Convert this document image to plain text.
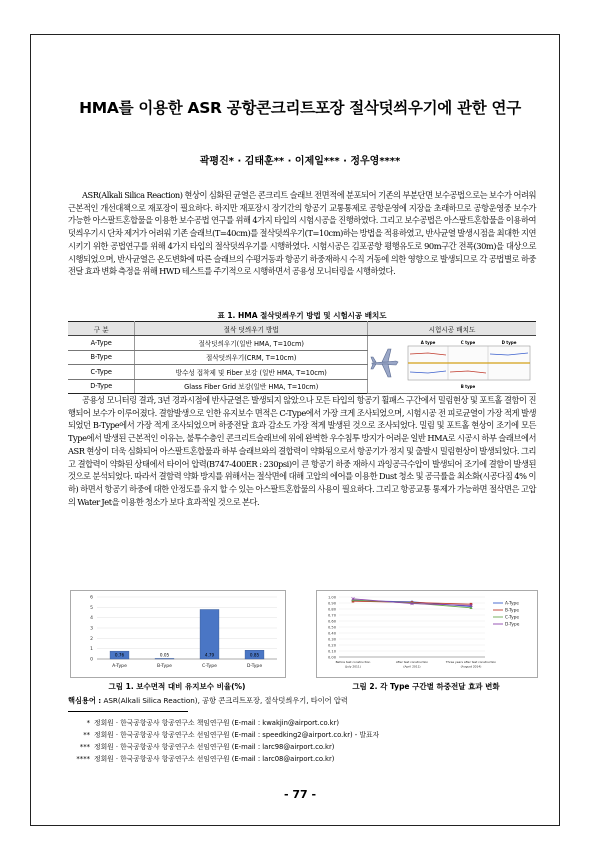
HMA를 이용한 ASR 공항콘크리트포장 절삭덧씌우기에 관한 연구
곽평진* · 김태훈** · 이제일*** · 정우영****

ASR(Alkali Silica Reaction) 현상이 심화된 균열은 콘크리트 슬래브 전면적에 분포되어 기존의 부분단면 보수공법으로는 보수가 어려워 근본적인 개선대책으로 재포장이 필요하다. 하지만 재포장시 장기간의 항공기 교통통제로 공항운영에 지장을 초래하므로 공항운영중 보수가 가능한 아스팔트혼합물을 이용한 보수공법 연구를 위해 4가지 타입의 시험시공을 진행하였다. 그리고 보수공법은 아스팔트혼합물을 이용하여 덧씌우기시 단차 제거가 어려워 기존 슬래브(T=40cm)를 절삭덧씌우기(T=10cm)하는 방법을 적용하였고, 반사균열 발생시점을 최대한 지연시키기 위한 공법연구를 위해 4가지 타입의 절삭덧씌우기를 시행하였다. 시험시공은 김포공항 평행유도로 90m구간 전폭(30m)을 대상으로 시행되었으며, 반사균열은 온도변화에 따른 슬래브의 수평거동과 항공기 하중재하시 수직 거동에 의한 영향으로 발생되므로 각 공법별로 하중전달 효과 변화 측정을 위해 HWD 테스트를 주기적으로 시행하면서 공용성 모니터링을 시행하였다.

표 1. HMA 절삭덧씌우기 방법 및 시험시공 배치도
구 분	절삭 덧씌우기 방법	시험시공 배치도
A-Type	절삭덧씌우기(일반 HMA, T=10cm)	A type C type D type
B type

B-Type	절삭덧씌우기(CRM, T=10cm)	
C-Type	방수성 접착제 및 Fiber 보강 (일반 HMA, T=10cm)	
D-Type	Glass Fiber Grid 보강(일반 HMA, T=10cm)	

공용성 모니터링 결과, 3년 경과시점에 반사균열은 발생되지 않았으나 모든 타입의 항공기 휠패스 구간에서 밀림현상 및 포트홀 결함이 진행되어 보수가 이루어졌다. 결함발생으로 인한 유지보수 면적은 C-Type에서 가장 크게 조사되었으며, 시험시공 전 피로균열이 가장 적게 발생되었던 B-Type에서 가장 적게 조사되었으며 하중전달 효과 감소도 가장 적게 발생된 것으로 조사되었다. 밀림 및 포트홀 현상이 조기에 모든 Type에서 발생된 근본적인 이유는, 불투수층인 콘크리트슬래브에 위에 완벽한 우수침투 방지가 어려운 일반 HMA로 시공시 하부 슬래브에서 ASR 현상이 더욱 심화되어 아스팔트혼합물과 하부 슬래브와의 결합력이 약화됨으로서 항공기가 정지 및 출발시 밀림현상이 발생되었다. 그리고 결합력이 약화된 상태에서 타이어 압력(B747-400ER : 230psi)이 큰 항공기 하중 재하시 과잉공극수압이 발생되어 조기에 결함이 발생된 것으로 분석되었다. 따라서 결함력 약화 방지를 위해서는 절삭면에 대해 고압의 에어를 이용한 Dust 청소 및 공극률을 최소화(시공다짐 4% 이하) 하면서 항공기 하중에 대한 안정도를 유지 할 수 있는 아스팔트혼합물의 사용이 필요하다. 그리고 항공교통 통제가 가능하면 절삭면은 고압의 Water Jet을 이용한 청소가 보다 효과적일 것으로 본다.

0
1
2
3
4
5
6
0.76
A-Type
0.05
B-Type
4.79
C-Type
0.85
D-Type
0.00
0.10
0.20
0.30
0.40
0.50
0.60
0.70
0.80
0.90
1.00
Before test construction
(July 2011)
After test construction
(April 2011)
Three years after test construction
(August 2014)
A-Type
B-Type
C-Type
D-Type
그림 1. 보수면적 대비 유지보수 비율(%)	그림 2. 각 Type 구간별 하중전달 효과 변화
핵심용어 : ASR(Alkali Silica Reaction), 공항 콘크리트포장, 절삭덧씌우기, 타이어 압력
* 정회원 · 한국공항공사 항공연구소 책임연구원 (E-mail : kwakjin@airport.co.kr)
** 정회원 · 한국공항공사 항공연구소 선임연구원 (E-mail : speedking2@airport.co.kr) - 발표자
*** 정회원 · 한국공항공사 항공연구소 선임연구원 (E-mail : larc98@airport.co.kr)
**** 정회원 · 한국공항공사 항공연구소 선임연구원 (E-mail : larc08@airport.co.kr)
- 77 -
